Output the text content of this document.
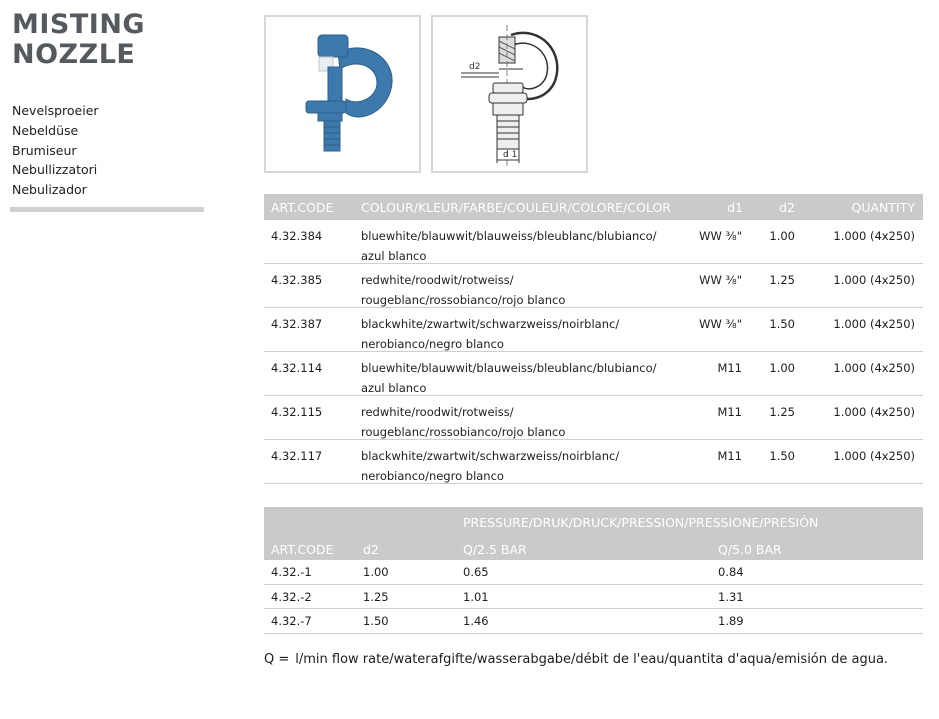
MISTING
NOZZLE
Nevelsproeier
Nebeldüse
Brumiseur
Nebullizzatori
Nebulizador
d 1
d2
ART.CODE COLOUR/KLEUR/FARBE/COULEUR/COLORE/COLOR	d1	d2	QUANTITY
4.32.384	bluewhite/blauwwit/blauweiss/bleublanc/blubianco/
azul blanco
WW ⅜" 1.00	1.000 (4x250)
4.32.385	redwhite/roodwit/rotweiss/
rougeblanc/rossobianco/rojo blanco
WW ⅜" 1.25	1.000 (4x250)
4.32.387	blackwhite/zwartwit/schwarzweiss/noirblanc/
nerobianco/negro blanco
WW ⅜" 1.50	1.000 (4x250)
4.32.114	bluewhite/blauwwit/blauweiss/bleublanc/blubianco/
azul blanco
M11 1.00	1.000 (4x250)
4.32.115	redwhite/roodwit/rotweiss/
rougeblanc/rossobianco/rojo blanco
M11 1.25	1.000 (4x250)
4.32.117	blackwhite/zwartwit/schwarzweiss/noirblanc/
nerobianco/negro blanco
M11 1.50	1.000 (4x250)
PRESSURE/DRUK/DRUCK/PRESSION/PRESSIONE/PRESIÓN
ART.CODE d2	Q/2.5 BAR	Q/5.0 BAR
4.32.-1	1.00	0.65	0.84
4.32.-2	1.25	1.01	1.31
4.32.-7	1.50	1.46	1.89
Q = l/min flow rate/waterafgifte/wasserabgabe/débit de l'eau/quantita d'aqua/emisión de agua.
